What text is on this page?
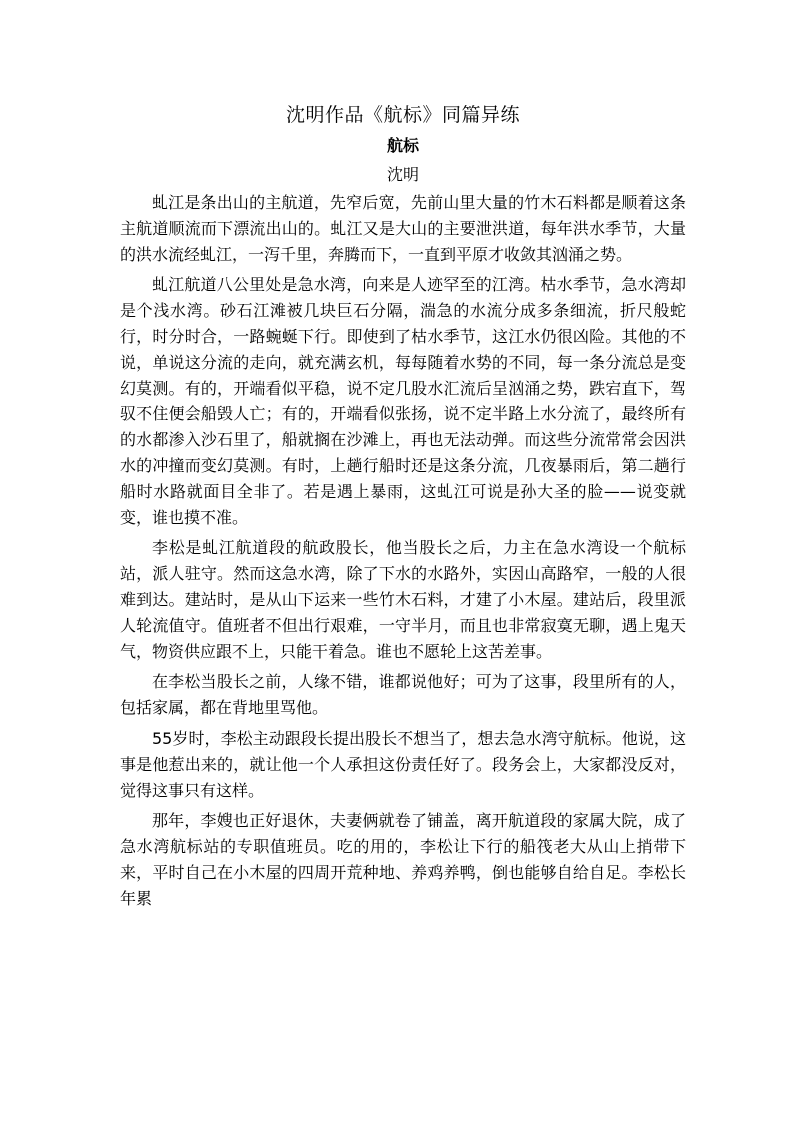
沈明作品《航标》同篇异练
航标
沈明

虬江是条出山的主航道，先窄后宽，先前山里大量的竹木石料都是顺着这条主航道顺流而下漂流出山的。虬江又是大山的主要泄洪道，每年洪水季节，大量的洪水流经虬江，一泻千里，奔腾而下，一直到平原才收敛其汹涌之势。

虬江航道八公里处是急水湾，向来是人迹罕至的江湾。枯水季节，急水湾却是个浅水湾。砂石江滩被几块巨石分隔，湍急的水流分成多条细流，折尺般蛇行，时分时合，一路蜿蜒下行。即使到了枯水季节，这江水仍很凶险。其他的不说，单说这分流的走向，就充满玄机，每每随着水势的不同，每一条分流总是变幻莫测。有的，开端看似平稳，说不定几股水汇流后呈汹涌之势，跌宕直下，驾驭不住便会船毁人亡；有的，开端看似张扬，说不定半路上水分流了，最终所有的水都渗入沙石里了，船就搁在沙滩上，再也无法动弹。而这些分流常常会因洪水的冲撞而变幻莫测。有时，上趟行船时还是这条分流，几夜暴雨后，第二趟行船时水路就面目全非了。若是遇上暴雨，这虬江可说是孙大圣的脸——说变就变，谁也摸不准。

李松是虬江航道段的航政股长，他当股长之后，力主在急水湾设一个航标站，派人驻守。然而这急水湾，除了下水的水路外，实因山高路窄，一般的人很难到达。建站时，是从山下运来一些竹木石料，才建了小木屋。建站后，段里派人轮流值守。值班者不但出行艰难，一守半月，而且也非常寂寞无聊，遇上鬼天气，物资供应跟不上，只能干着急。谁也不愿轮上这苦差事。

在李松当股长之前，人缘不错，谁都说他好；可为了这事，段里所有的人，包括家属，都在背地里骂他。

55岁时，李松主动跟段长提出股长不想当了，想去急水湾守航标。他说，这事是他惹出来的，就让他一个人承担这份责任好了。段务会上，大家都没反对，觉得这事只有这样。

那年，李嫂也正好退休，夫妻俩就卷了铺盖，离开航道段的家属大院，成了急水湾航标站的专职值班员。吃的用的，李松让下行的船筏老大从山上捎带下来，平时自己在小木屋的四周开荒种地、养鸡养鸭，倒也能够自给自足。李松长年累
